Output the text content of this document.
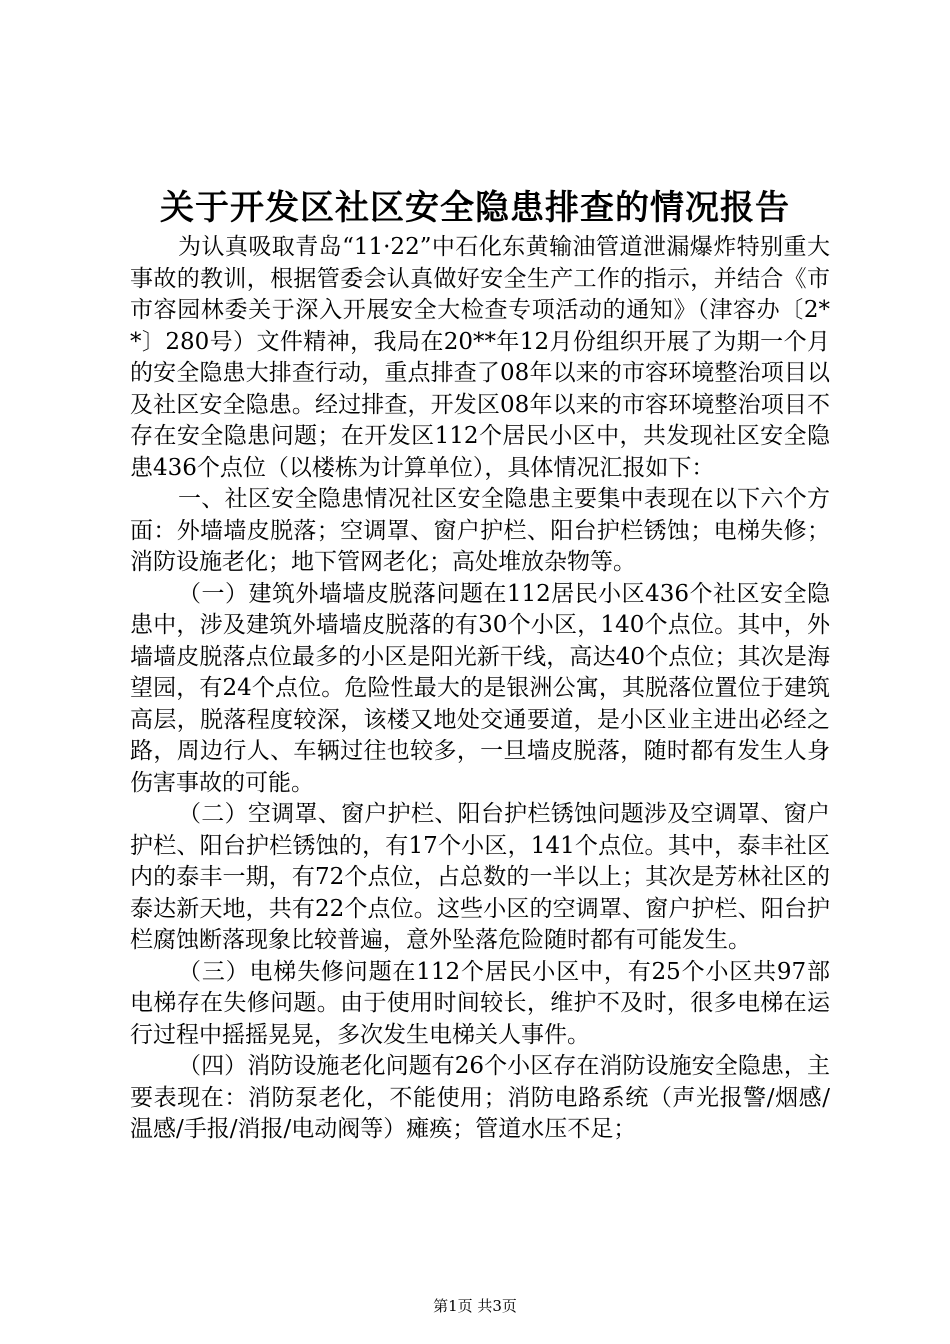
关于开发区社区安全隐患排查的情况报告

为认真吸取青岛“11·22”中石化东黄输油管道泄漏爆炸特别重大事故的教训，根据管委会认真做好安全生产工作的指示，并结合《市市容园林委关于深入开展安全大检查专项活动的通知》（津容办〔2**〕280号）文件精神，我局在20**年12月份组织开展了为期一个月的安全隐患大排查行动，重点排查了08年以来的市容环境整治项目以及社区安全隐患。经过排查，开发区08年以来的市容环境整治项目不存在安全隐患问题；在开发区112个居民小区中，共发现社区安全隐患436个点位（以楼栋为计算单位），具体情况汇报如下：

一、社区安全隐患情况社区安全隐患主要集中表现在以下六个方面：外墙墙皮脱落；空调罩、窗户护栏、阳台护栏锈蚀；电梯失修；消防设施老化；地下管网老化；高处堆放杂物等。

（一）建筑外墙墙皮脱落问题在112居民小区436个社区安全隐患中，涉及建筑外墙墙皮脱落的有30个小区，140个点位。其中，外墙墙皮脱落点位最多的小区是阳光新干线，高达40个点位；其次是海望园，有24个点位。危险性最大的是银洲公寓，其脱落位置位于建筑高层，脱落程度较深，该楼又地处交通要道，是小区业主进出必经之路，周边行人、车辆过往也较多，一旦墙皮脱落，随时都有发生人身伤害事故的可能。

（二）空调罩、窗户护栏、阳台护栏锈蚀问题涉及空调罩、窗户护栏、阳台护栏锈蚀的，有17个小区，141个点位。其中，泰丰社区内的泰丰一期，有72个点位，占总数的一半以上；其次是芳林社区的泰达新天地，共有22个点位。这些小区的空调罩、窗户护栏、阳台护栏腐蚀断落现象比较普遍，意外坠落危险随时都有可能发生。

（三）电梯失修问题在112个居民小区中，有25个小区共97部电梯存在失修问题。由于使用时间较长，维护不及时，很多电梯在运行过程中摇摇晃晃，多次发生电梯关人事件。

（四）消防设施老化问题有26个小区存在消防设施安全隐患，主要表现在：消防泵老化，不能使用；消防电路系统（声光报警/烟感/温感/手报/消报/电动阀等）瘫痪；管道水压不足；

第1页 共3页
